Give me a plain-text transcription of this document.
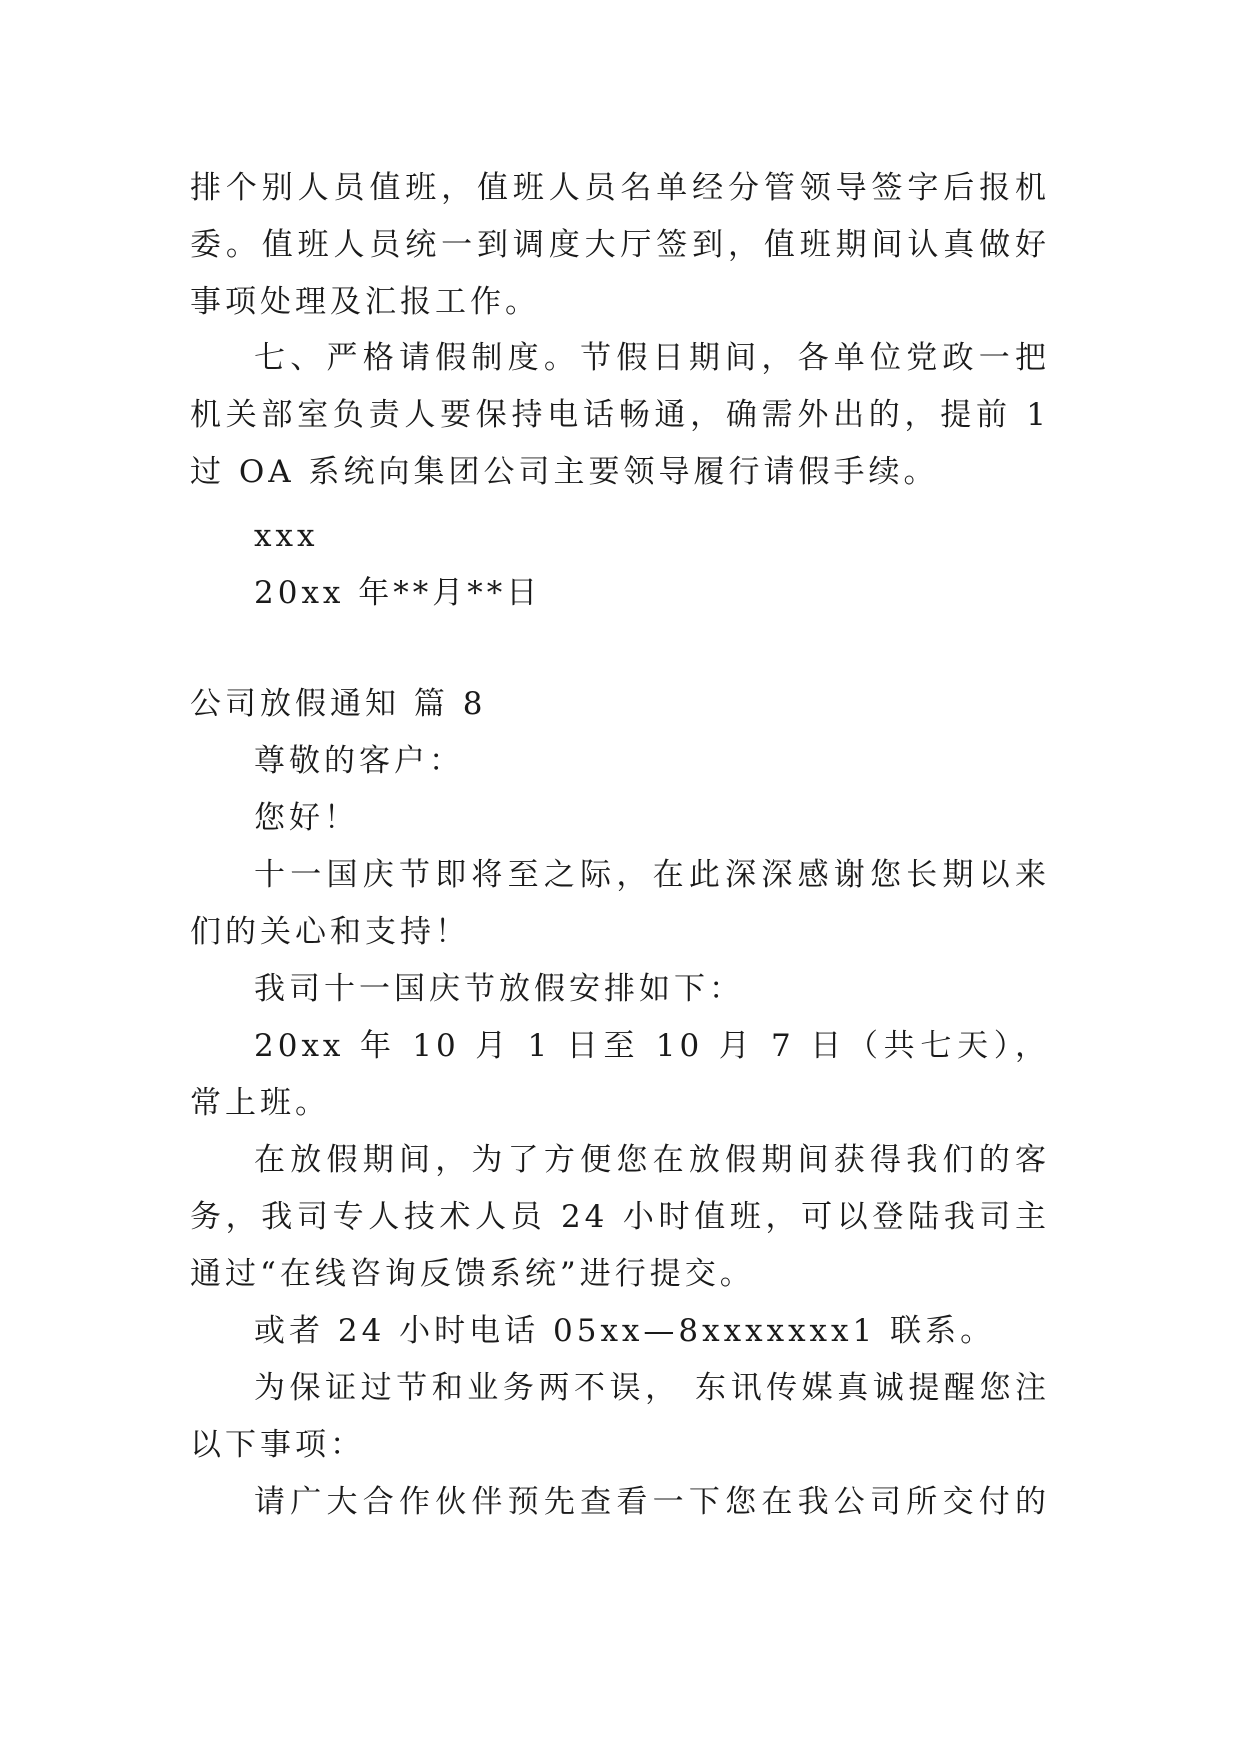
排个别人员值班，值班人员名单经分管领导签字后报机
委。值班人员统一到调度大厅签到，值班期间认真做好
事项处理及汇报工作。
七、严格请假制度。节假日期间，各单位党政一把
机关部室负责人要保持电话畅通，确需外出的，提前 1
过 OA 系统向集团公司主要领导履行请假手续。
xxx
20xx 年**月**日
公司放假通知 篇 8
尊敬的客户：
您好！
十一国庆节即将至之际，在此深深感谢您长期以来
们的关心和支持！
我司十一国庆节放假安排如下：
20xx 年 10 月 1 日至 10 月 7 日（共七天），
常上班。
在放假期间，为了方便您在放假期间获得我们的客
务，我司专人技术人员 24 小时值班，可以登陆我司主
通过“在线咨询反馈系统”进行提交。
或者 24 小时电话 05xx—8xxxxxxx1 联系。
为保证过节和业务两不误， 东讯传媒真诚提醒您注
以下事项：
请广大合作伙伴预先查看一下您在我公司所交付的
